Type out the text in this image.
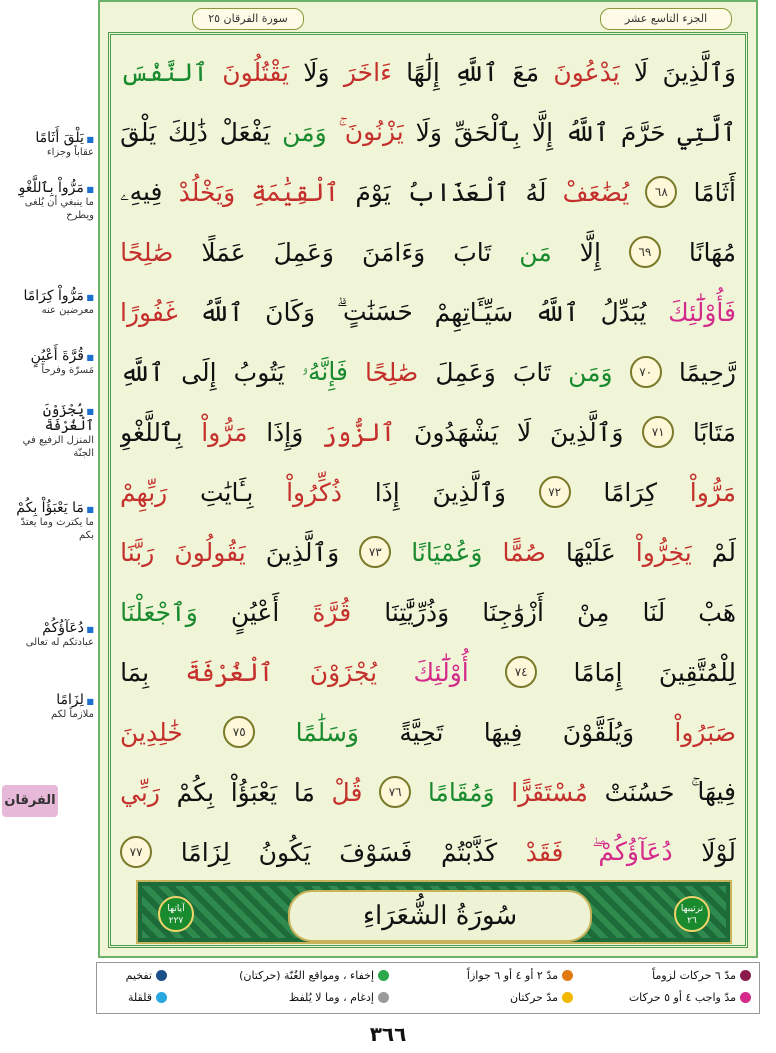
الجزء التاسع عشر
سورة الفرقان ٢٥
وَٱلَّذِينَ
لَا
يَدْعُونَ
مَعَ
ٱللَّهِ
إِلَٰهًا
ءَاخَرَ
وَلَا
يَقْتُلُونَ
ٱلنَّفْسَ
ٱلَّتِي
حَرَّمَ
ٱللَّهُ
إِلَّا
بِٱلْحَقِّ
وَلَا
يَزْنُونَ ۚ
وَمَن
يَفْعَلْ
ذَٰلِكَ
يَلْقَ
أَثَامًا
٦٨
يُضَٰعَفْ
لَهُ
ٱلْعَذَابُ
يَوْمَ
ٱلْقِيَٰمَةِ
وَيَخْلُدْ
فِيهِۦ
مُهَانًا
٦٩
إِلَّا
مَن
تَابَ
وَءَامَنَ
وَعَمِلَ
عَمَلًا
صَٰلِحًا
فَأُوْلَٰٓئِكَ
يُبَدِّلُ
ٱللَّهُ
سَيِّـَٔاتِهِمْ
حَسَنَٰتٍ ۗ
وَكَانَ
ٱللَّهُ
غَفُورًا
رَّحِيمًا
٧٠
وَمَن
تَابَ
وَعَمِلَ
صَٰلِحًا
فَإِنَّهُۥ
يَتُوبُ
إِلَى
ٱللَّهِ
مَتَابًا
٧١
وَٱلَّذِينَ
لَا
يَشْهَدُونَ
ٱلزُّورَ
وَإِذَا
مَرُّواْ
بِٱللَّغْوِ
مَرُّواْ
كِرَامًا
٧٢
وَٱلَّذِينَ
إِذَا
ذُكِّرُواْ
بِـَٔايَٰتِ
رَبِّهِمْ
لَمْ
يَخِرُّواْ
عَلَيْهَا
صُمًّا
وَعُمْيَانًا
٧٣
وَٱلَّذِينَ
يَقُولُونَ
رَبَّنَا
هَبْ
لَنَا
مِنْ
أَزْوَٰجِنَا
وَذُرِّيَّٰتِنَا
قُرَّةَ
أَعْيُنٍ
وَٱجْعَلْنَا
لِلْمُتَّقِينَ
إِمَامًا
٧٤
أُوْلَٰٓئِكَ
يُجْزَوْنَ
ٱلْغُرْفَةَ
بِمَا
صَبَرُواْ
وَيُلَقَّوْنَ
فِيهَا
تَحِيَّةً
وَسَلَٰمًا
٧٥
خَٰلِدِينَ
فِيهَا ۚ
حَسُنَتْ
مُسْتَقَرًّا
وَمُقَامًا
٧٦
قُلْ
مَا
يَعْبَؤُاْ
بِكُمْ
رَبِّي
لَوْلَا
دُعَآؤُكُمْ ۖ
فَقَدْ
كَذَّبْتُمْ
فَسَوْفَ
يَكُونُ
لِزَامًا
٧٧
ترتيبها
٢٦
سُورَةُ الشُّعَرَاءِ
آياتها
٢٢٧
■ يَلْقَ أَثَامًا
عقاباً وجزاء
■ مَرُّواْ بِٱللَّغْوِ
ما ينبغي أن يُلغى ويطرح
■ مَرُّواْ كِرَامًا
معرضين عنه
■ قُرَّةَ أَعْيُنٍ
مَسرّة وفرحاً
■ يُجْزَوْنَ ٱلْغُرْفَةَ
المنزل الرفيع في الجنّة
■ مَا يَعْبَؤُاْ بِكُمْ
ما يكترث وما يعتدّ بكم
■ دُعَآؤُكُمْ
عبادتكم له تعالى
■ لِزَامًا
ملازماً لكم
الفرقان
مدّ ٦ حركات لزوماً
مدّ واجب ٤ أو ٥ حركات
مدّ ٢ أو ٤ أو ٦ جوازاً
مدّ حركتان
إخفاء ، ومواقع الغُنّة (حركتان)
إدغام ، وما لا يُلفظ
تفخيم
قلقلة
٣٦٦
